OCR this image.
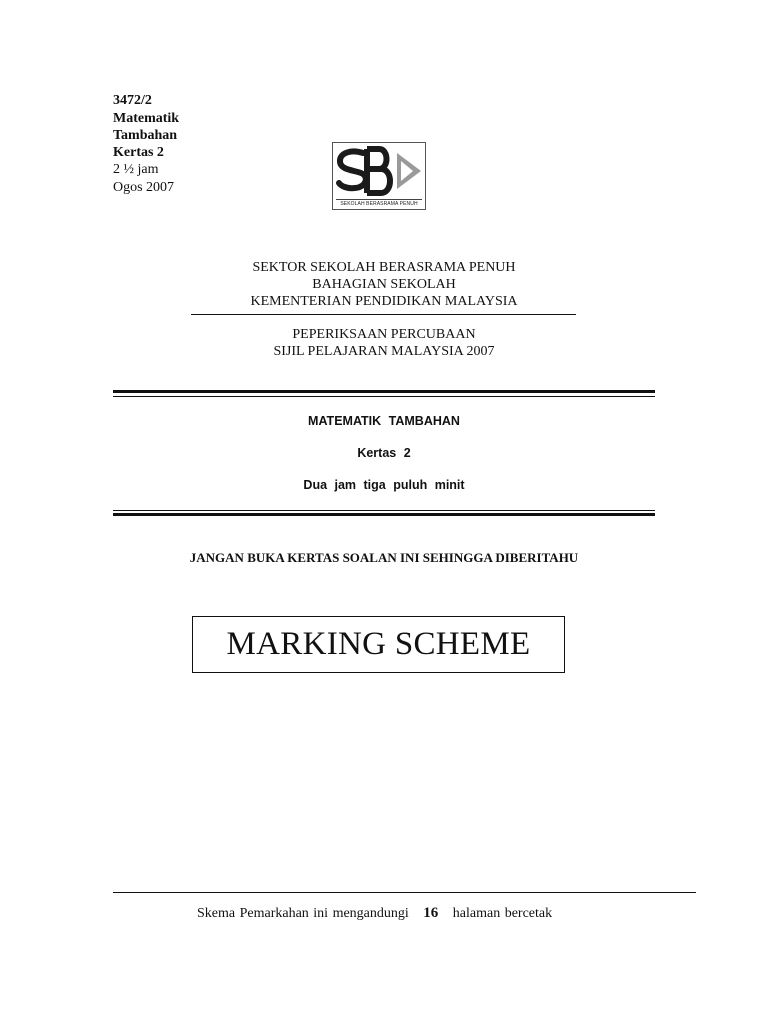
3472/2
Matematik
Tambahan
Kertas 2
2 ½ jam
Ogos 2007
SEKOLAH BERASRAMA PENUH
SEKTOR SEKOLAH BERASRAMA PENUH
BAHAGIAN SEKOLAH
KEMENTERIAN PENDIDIKAN MALAYSIA
PEPERIKSAAN PERCUBAAN
SIJIL PELAJARAN MALAYSIA 2007
MATEMATIK TAMBAHAN
Kertas 2
Dua jam tiga puluh minit
JANGAN BUKA KERTAS SOALAN INI SEHINGGA DIBERITAHU
MARKING SCHEME
Skema Pemarkahan ini mengandungi 16 halaman bercetak
